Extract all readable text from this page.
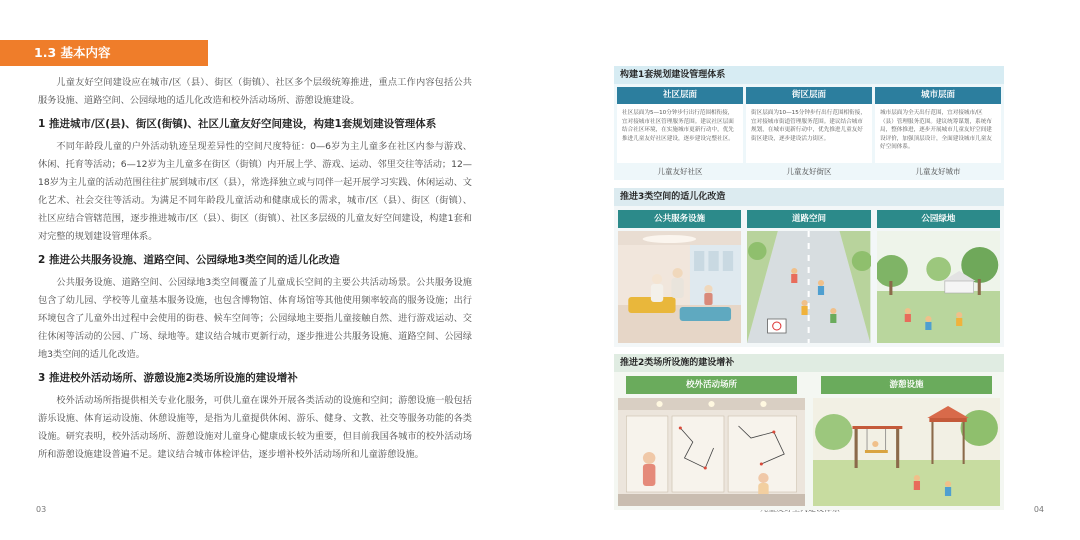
1.3 基本内容

儿童友好空间建设应在城市/区（县）、街区（街镇）、社区多个层级统筹推进，重点工作内容包括公共服务设施、道路空间、公园绿地的适儿化改造和校外活动场所、游憩设施建设。

1 推进城市/区(县)、街区(街镇)、社区儿童友好空间建设，构建1套规划建设管理体系

不同年龄段儿童的户外活动轨迹呈现差异性的空间尺度特征：0—6岁为主儿童多在社区内参与游戏、休闲、托育等活动；6—12岁为主儿童多在街区（街镇）内开展上学、游戏、运动、邻里交往等活动；12—18岁为主儿童的活动范围往往扩展到城市/区（县），常选择独立或与同伴一起开展学习实践、休闲运动、文化艺术、社会交往等活动。为满足不同年龄段儿童活动和健康成长的需求，城市/区（县）、街区（街镇）、社区应结合管辖范围，逐步推进城市/区（县）、街区（街镇）、社区多层级的儿童友好空间建设，构建1套和对完整的规划建设管理体系。

2 推进公共服务设施、道路空间、公园绿地3类空间的适儿化改造

公共服务设施、道路空间、公园绿地3类空间覆盖了儿童成长空间的主要公共活动场景。公共服务设施包含了幼儿园、学校等儿童基本服务设施，也包含博物馆、体育场馆等其他使用频率较高的服务设施；出行环境包含了儿童外出过程中会使用的街巷、候车空间等；公园绿地主要指儿童接触自然、进行游戏运动、交往休闲等活动的公园、广场、绿地等。建议结合城市更新行动，逐步推进公共服务设施、道路空间、公园绿地3类空间的适儿化改造。

3 推进校外活动场所、游憩设施2类场所设施的建设增补

校外活动场所指提供相关专业化服务，可供儿童在课外开展各类活动的设施和空间；游憩设施一般包括游乐设施、体育运动设施、休憩设施等，是指为儿童提供休闲、游乐、健身、文教、社交等服务功能的各类设施。研究表明，校外活动场所、游憩设施对儿童身心健康成长较为重要，但目前我国各城市的校外活动场所和游憩设施建设普遍不足。建议结合城市体检评估，逐步增补校外活动场所和儿童游憩设施。

03	04
构建1套规划建设管理体系
社区层面
社区层面为5—10分钟步行出行范围相衔接，宜对接城市社区管理服务范围。建议社区层面结合社区环境，在实施城市更新行动中，优先推进儿童友好社区建设，逐步建设完整社区。
儿童友好社区
街区层面
街区层面为10—15分钟步行出行范围相衔接，宜对接城市街道管理服务范围。建议结合城市规划，在城市更新行动中，优先推进儿童友好街区建设，逐步建设活力街区。
儿童友好街区
城市层面
城市层面为全天出行范围，宜对接城市/区（县）管理服务范围。建议统筹谋划，系统布局，整体推进，逐步开展城市儿童友好空间建设评价，加强顶层设计，全面建设城市儿童友好空间体系。
儿童友好城市
推进3类空间的适儿化改造
公共服务设施	道路空间	公园绿地
推进2类场所设施的建设增补
校外活动场所	游憩设施
